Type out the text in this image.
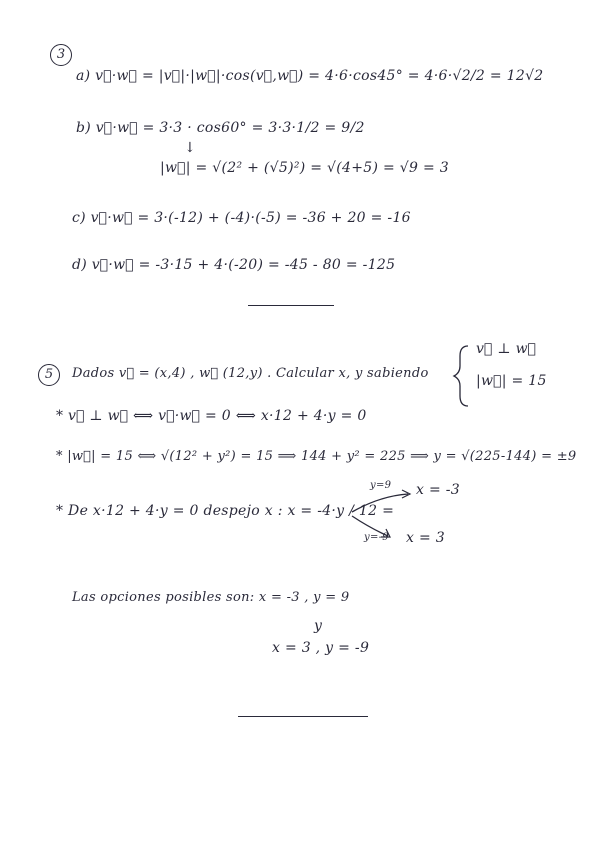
3
a) v⃗·w⃗ = |v⃗|·|w⃗|·cos(v⃗,w⃗) = 4·6·cos45° = 4·6·√2/2 = 12√2
b) v⃗·w⃗ = 3·3 · cos60° = 3·3·1/2 = 9/2
↓
|w⃗| = √(2² + (√5)²) = √(4+5) = √9 = 3
c) v⃗·w⃗ = 3·(-12) + (-4)·(-5) = -36 + 20 = -16
d) v⃗·w⃗ = -3·15 + 4·(-20) = -45 - 80 = -125
5	Dados v⃗ = (x,4) , w⃗ (12,y) . Calcular x, y sabiendo
v⃗ ⊥ w⃗
|w⃗| = 15
* v⃗ ⊥ w⃗ ⟺ v⃗·w⃗ = 0 ⟺ x·12 + 4·y = 0
* |w⃗| = 15 ⟺ √(12² + y²) = 15 ⟹ 144 + y² = 225 ⟹ y = √(225-144) = ±9
* De x·12 + 4·y = 0 despejo x : x = -4·y / 12 =
y=9 x = -3
y=-9 x = 3
Las opciones posibles son: x = -3 , y = 9
y
x = 3 , y = -9
